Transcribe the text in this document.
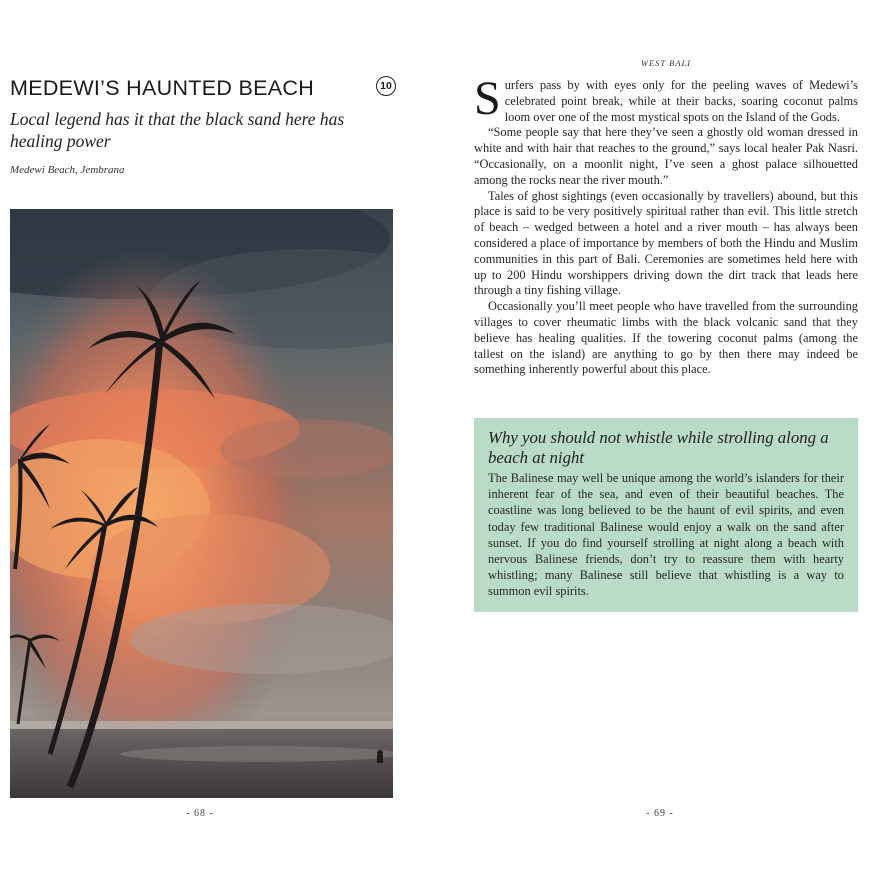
MEDEWI’S HAUNTED BEACH	10

Local legend has it that the black sand here has healing power

Medewi Beach, Jembrana
- 68 -
WEST BALI

Surfers pass by with eyes only for the peeling waves of Medewi’s celebrated point break, while at their backs, soaring coconut palms loom over one of the most mystical spots on the Island of the Gods.

“Some people say that here they’ve seen a ghostly old woman dressed in white and with hair that reaches to the ground,” says local healer Pak Nasri. “Occasionally, on a moonlit night, I’ve seen a ghost palace silhouetted among the rocks near the river mouth.”

Tales of ghost sightings (even occasionally by travellers) abound, but this place is said to be very positively spiritual rather than evil. This little stretch of beach – wedged between a hotel and a river mouth – has always been considered a place of importance by members of both the Hindu and Muslim communities in this part of Bali. Ceremonies are sometimes held here with up to 200 Hindu worshippers driving down the dirt track that leads here through a tiny fishing village.

Occasionally you’ll meet people who have travelled from the surrounding villages to cover rheumatic limbs with the black volcanic sand that they believe has healing qualities. If the towering coconut palms (among the tallest on the island) are anything to go by then there may indeed be something inherently powerful about this place.

Why you should not whistle while strolling along a beach at night

The Balinese may well be unique among the world’s islanders for their inherent fear of the sea, and even of their beautiful beaches. The coastline was long believed to be the haunt of evil spirits, and even today few traditional Balinese would enjoy a walk on the sand after sunset. If you do find yourself strolling at night along a beach with nervous Balinese friends, don’t try to reassure them with hearty whistling; many Balinese still believe that whistling is a way to summon evil spirits.

- 69 -
